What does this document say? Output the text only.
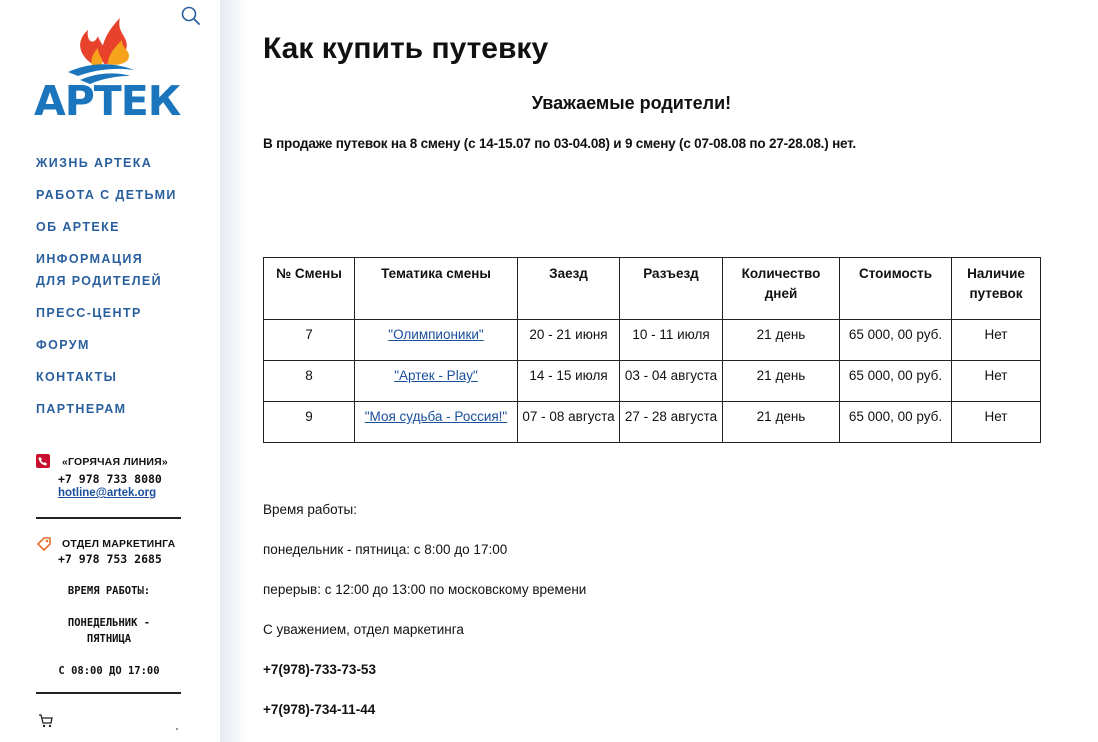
АРТЕК
ЖИЗНЬ АРТЕКА
РАБОТА С ДЕТЬМИ
ОБ АРТЕКЕ
ИНФОРМАЦИЯ ДЛЯ РОДИТЕЛЕЙ
ПРЕСС-ЦЕНТР
ФОРУМ
КОНТАКТЫ
ПАРТНЕРАМ
«ГОРЯЧАЯ ЛИНИЯ»
+7 978 733 8080
hotline@artek.org
ОТДЕЛ МАРКЕТИНГА
+7 978 753 2685
ВРЕМЯ РАБОТЫ:
ПОНЕДЕЛЬНИК - ПЯТНИЦА
С 08:00 ДО 17:00
Как купить путевку

Уважаемые родители!

В продаже путевок на 8 смену (с 14-15.07 по 03-04.08) и 9 смену (с 07-08.08 по 27-28.08.) нет.

№ Смены	Тематика смены	Заезд	Разъезд	Количество дней	Стоимость	Наличие путевок
7	"Олимпионики"	20 - 21 июня	10 - 11 июля	21 день	65 000, 00 руб.	Нет
8	"Артек - Play"	14 - 15 июля	03 - 04 августа	21 день	65 000, 00 руб.	Нет
9	"Моя судьба - Россия!"	07 - 08 августа	27 - 28 августа	21 день	65 000, 00 руб.	Нет

Время работы:

понедельник - пятница: с 8:00 до 17:00

перерыв: с 12:00 до 13:00 по московскому времени

С уважением, отдел маркетинга

+7(978)-733-73-53

+7(978)-734-11-44
